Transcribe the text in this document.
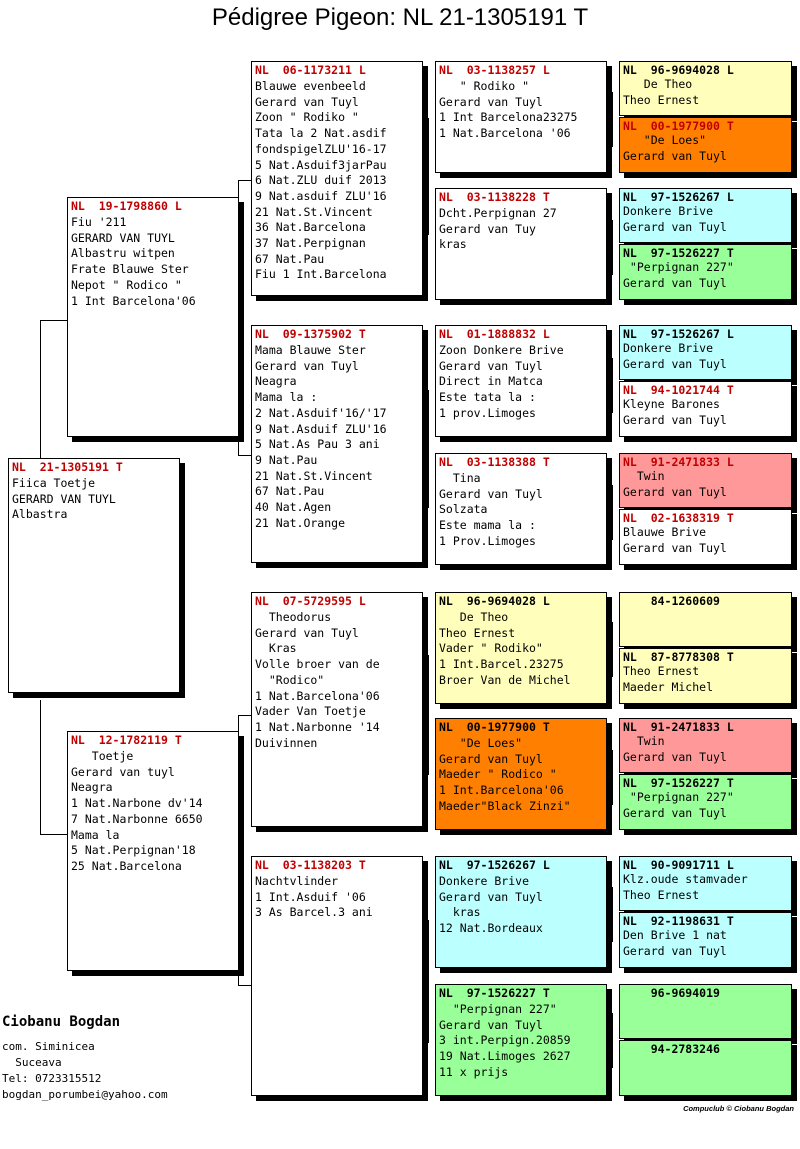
Pédigree Pigeon: NL 21-1305191 T
NL  21-1305191 T
Fiica Toetje
GERARD VAN TUYL
Albastra
NL  19-1798860 L
Fiu '211
GERARD VAN TUYL
Albastru witpen
Frate Blauwe Ster
Nepot " Rodico "
1 Int Barcelona'06
NL  12-1782119 T
Toetje
Gerard van tuyl
Neagra
1 Nat.Narbone dv'14
7 Nat.Narbonne 6650
Mama la
5 Nat.Perpignan'18
25 Nat.Barcelona
NL  06-1173211 L
Blauwe evenbeeld
Gerard van Tuyl
Zoon " Rodiko "
Tata la 2 Nat.asdif
fondspigelZLU'16-17
5 Nat.Asduif3jarPau
6 Nat.ZLU duif 2013
9 Nat.asduif ZLU'16
21 Nat.St.Vincent
36 Nat.Barcelona
37 Nat.Perpignan
67 Nat.Pau
Fiu 1 Int.Barcelona
NL  09-1375902 T
Mama Blauwe Ster
Gerard van Tuyl
Neagra
Mama la :
2 Nat.Asduif'16/'17
9 Nat.Asduif ZLU'16
5 Nat.As Pau 3 ani
9 Nat.Pau
21 Nat.St.Vincent
67 Nat.Pau
40 Nat.Agen
21 Nat.Orange
NL  07-5729595 L
Theodorus
Gerard van Tuyl
Kras
Volle broer van de
"Rodico"
1 Nat.Barcelona'06
Vader Van Toetje
1 Nat.Narbonne '14
Duivinnen
NL  03-1138203 T
Nachtvlinder
1 Int.Asduif '06
3 As Barcel.3 ani
NL  03-1138257 L
" Rodiko "
Gerard van Tuyl
1 Int Barcelona23275
1 Nat.Barcelona '06
NL  03-1138228 T
Dcht.Perpignan 27
Gerard van Tuy
kras
NL  01-1888832 L
Zoon Donkere Brive
Gerard van Tuyl
Direct in Matca
Este tata la :
1 prov.Limoges
NL  03-1138388 T
Tina
Gerard van Tuyl
Solzata
Este mama la :
1 Prov.Limoges
NL  96-9694028 L
De Theo
Theo Ernest
Vader " Rodiko"
1 Int.Barcel.23275
Broer Van de Michel
NL  00-1977900 T
"De Loes"
Gerard van Tuyl
Maeder " Rodico "
1 Int.Barcelona'06
Maeder"Black Zinzi"
NL  97-1526267 L
Donkere Brive
Gerard van Tuyl
kras
12 Nat.Bordeaux
NL  97-1526227 T
"Perpignan 227"
Gerard van Tuyl
3 int.Perpign.20859
19 Nat.Limoges 2627
11 x prijs
NL  96-9694028 L
De Theo
Theo Ernest
NL  00-1977900 T
"De Loes"
Gerard van Tuyl
NL  97-1526267 L
Donkere Brive
Gerard van Tuyl
NL  97-1526227 T
"Perpignan 227"
Gerard van Tuyl
NL  97-1526267 L
Donkere Brive
Gerard van Tuyl
NL  94-1021744 T
Kleyne Barones
Gerard van Tuyl
NL  91-2471833 L
Twin
Gerard van Tuyl
NL  02-1638319 T
Blauwe Brive
Gerard van Tuyl
84-1260609
NL  87-8778308 T
Theo Ernest
Maeder Michel
NL  91-2471833 L
Twin
Gerard van Tuyl
NL  97-1526227 T
"Perpignan 227"
Gerard van Tuyl
NL  90-9091711 L
Klz.oude stamvader
Theo Ernest
NL  92-1198631 T
Den Brive 1 nat
Gerard van Tuyl
96-9694019
94-2783246
Ciobanu Bogdan
com. Siminicea
Suceava
Tel: 0723315512
bogdan_porumbei@yahoo.com
Compuclub © Ciobanu Bogdan
